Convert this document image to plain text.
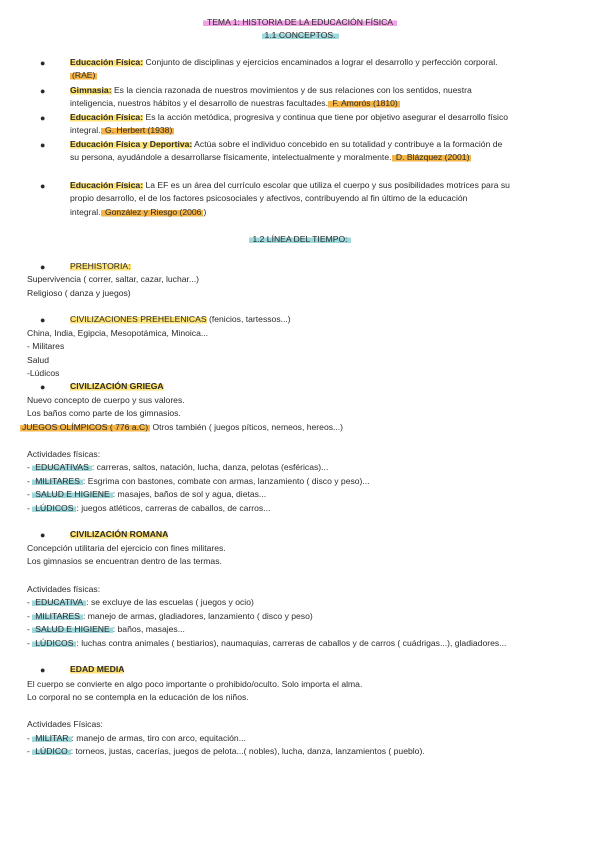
TEMA 1: HISTORIA DE LA EDUCACIÓN FÍSICA
1.1 CONCEPTOS.
●	Educación Física: Conjunto de disciplinas y ejercicios encaminados a lograr el desarrollo y perfección corporal.
(RAE)
●	Gimnasia: Es la ciencia razonada de nuestros movimientos y de sus relaciones con los sentidos, nuestra
inteligencia, nuestros hábitos y el desarrollo de nuestras facultades. F. Amorós (1810)
●	Educación Física: Es la acción metódica, progresiva y continua que tiene por objetivo asegurar el desarrollo físico
integral. G. Herbert (1938)
●	Educación Física y Deportiva: Actúa sobre el individuo concebido en su totalidad y contribuye a la formación de
su persona, ayudándole a desarrollarse físicamente, intelectualmente y moralmente. D. Blázquez (2001)
●	Educación Física: La EF es un área del currículo escolar que utiliza el cuerpo y sus posibilidades motrices para su
propio desarrollo, el de los factores psicosociales y afectivos, contribuyendo al fin último de la educación
integral. González y Riesgo (2006 )
1.2 LÍNEA DEL TIEMPO:
●	PREHISTORIA:
Supervivencia ( correr, saltar, cazar, luchar...)
Religioso ( danza y juegos)
●	CIVILIZACIONES PREHELENICAS (fenicios, tartessos...)
China, India, Egipcia, Mesopotámica, Minoica...
- Militares
Salud
-Lúdicos
●	CIVILIZACIÓN GRIEGA
Nuevo concepto de cuerpo y sus valores.
Los baños como parte de los gimnasios.
JUEGOS OLÍMPICOS ( 776 a.C) Otros también ( juegos píticos, nemeos, hereos...)
Actividades físicas:
- EDUCATIVAS : carreras, saltos, natación, lucha, danza, pelotas (esféricas)...
- MILITARES : Esgrima con bastones, combate con armas, lanzamiento ( disco y peso)...
- SALUD E HIGIENE : masajes, baños de sol y agua, dietas...
- LÚDICOS : juegos atléticos, carreras de caballos, de carros...
●	CIVILIZACIÓN ROMANA
Concepción utilitaria del ejercicio con fines militares.
Los gimnasios se encuentran dentro de las termas.
Actividades físicas:
- EDUCATIVA : se excluye de las escuelas ( juegos y ocio)
- MILITARES : manejo de armas, gladiadores, lanzamiento ( disco y peso)
- SALUD E HIGIENE : baños, masajes...
- LÚDICOS : luchas contra animales ( bestiarios), naumaquias, carreras de caballos y de carros ( cuádrigas...), gladiadores...
●	EDAD MEDIA
El cuerpo se convierte en algo poco importante o prohibido/oculto. Solo importa el alma.
Lo corporal no se contempla en la educación de los niños.
Actividades Físicas:
- MILITAR : manejo de armas, tiro con arco, equitación...
- LÚDICO : torneos, justas, cacerías, juegos de pelota...( nobles), lucha, danza, lanzamientos ( pueblo).
